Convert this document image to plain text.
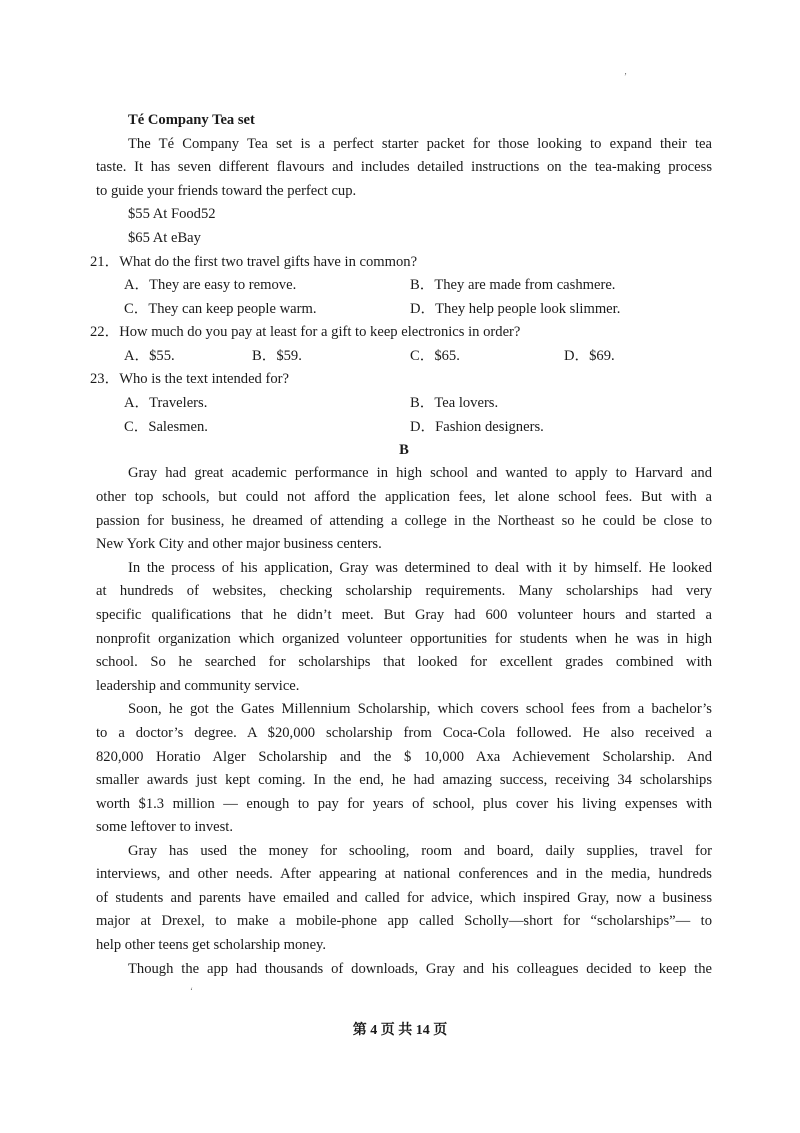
‚
‘
Té Company Tea set
The Té Company Tea set is a perfect starter packet for those looking to expand their tea
taste. It has seven different flavours and includes detailed instructions on the tea-making process
to guide your friends toward the perfect cup.
$55 At Food52
$65 At eBay
21．What do the first two travel gifts have in common?
A．They are easy to remove.	B．They are made from cashmere.
C．They can keep people warm.	D．They help people look slimmer.
22．How much do you pay at least for a gift to keep electronics in order?
A．$55.	B．$59.	C．$65.	D．$69.
23．Who is the text intended for?
A．Travelers.	B．Tea lovers.
C．Salesmen.	D．Fashion designers.
B
Gray had great academic performance in high school and wanted to apply to Harvard and
other top schools, but could not afford the application fees, let alone school fees. But with a
passion for business, he dreamed of attending a college in the Northeast so he could be close to
New York City and other major business centers.
In the process of his application, Gray was determined to deal with it by himself. He looked
at hundreds of websites, checking scholarship requirements. Many scholarships had very
specific qualifications that he didn’t meet. But Gray had 600 volunteer hours and started a
nonprofit organization which organized volunteer opportunities for students when he was in high
school. So he searched for scholarships that looked for excellent grades combined with
leadership and community service.
Soon, he got the Gates Millennium Scholarship, which covers school fees from a bachelor’s
to a doctor’s degree. A $20,000 scholarship from Coca-Cola followed. He also received a
820,000 Horatio Alger Scholarship and the $ 10,000 Axa Achievement Scholarship. And
smaller awards just kept coming. In the end, he had amazing success, receiving 34 scholarships
worth $1.3 million — enough to pay for years of school, plus cover his living expenses with
some leftover to invest.
Gray has used the money for schooling, room and board, daily supplies, travel for
interviews, and other needs. After appearing at national conferences and in the media, hundreds
of students and parents have emailed and called for advice, which inspired Gray, now a business
major at Drexel, to make a mobile-phone app called Scholly—short for “scholarships”— to
help other teens get scholarship money.
Though the app had thousands of downloads, Gray and his colleagues decided to keep the
第 4 页 共 14 页
